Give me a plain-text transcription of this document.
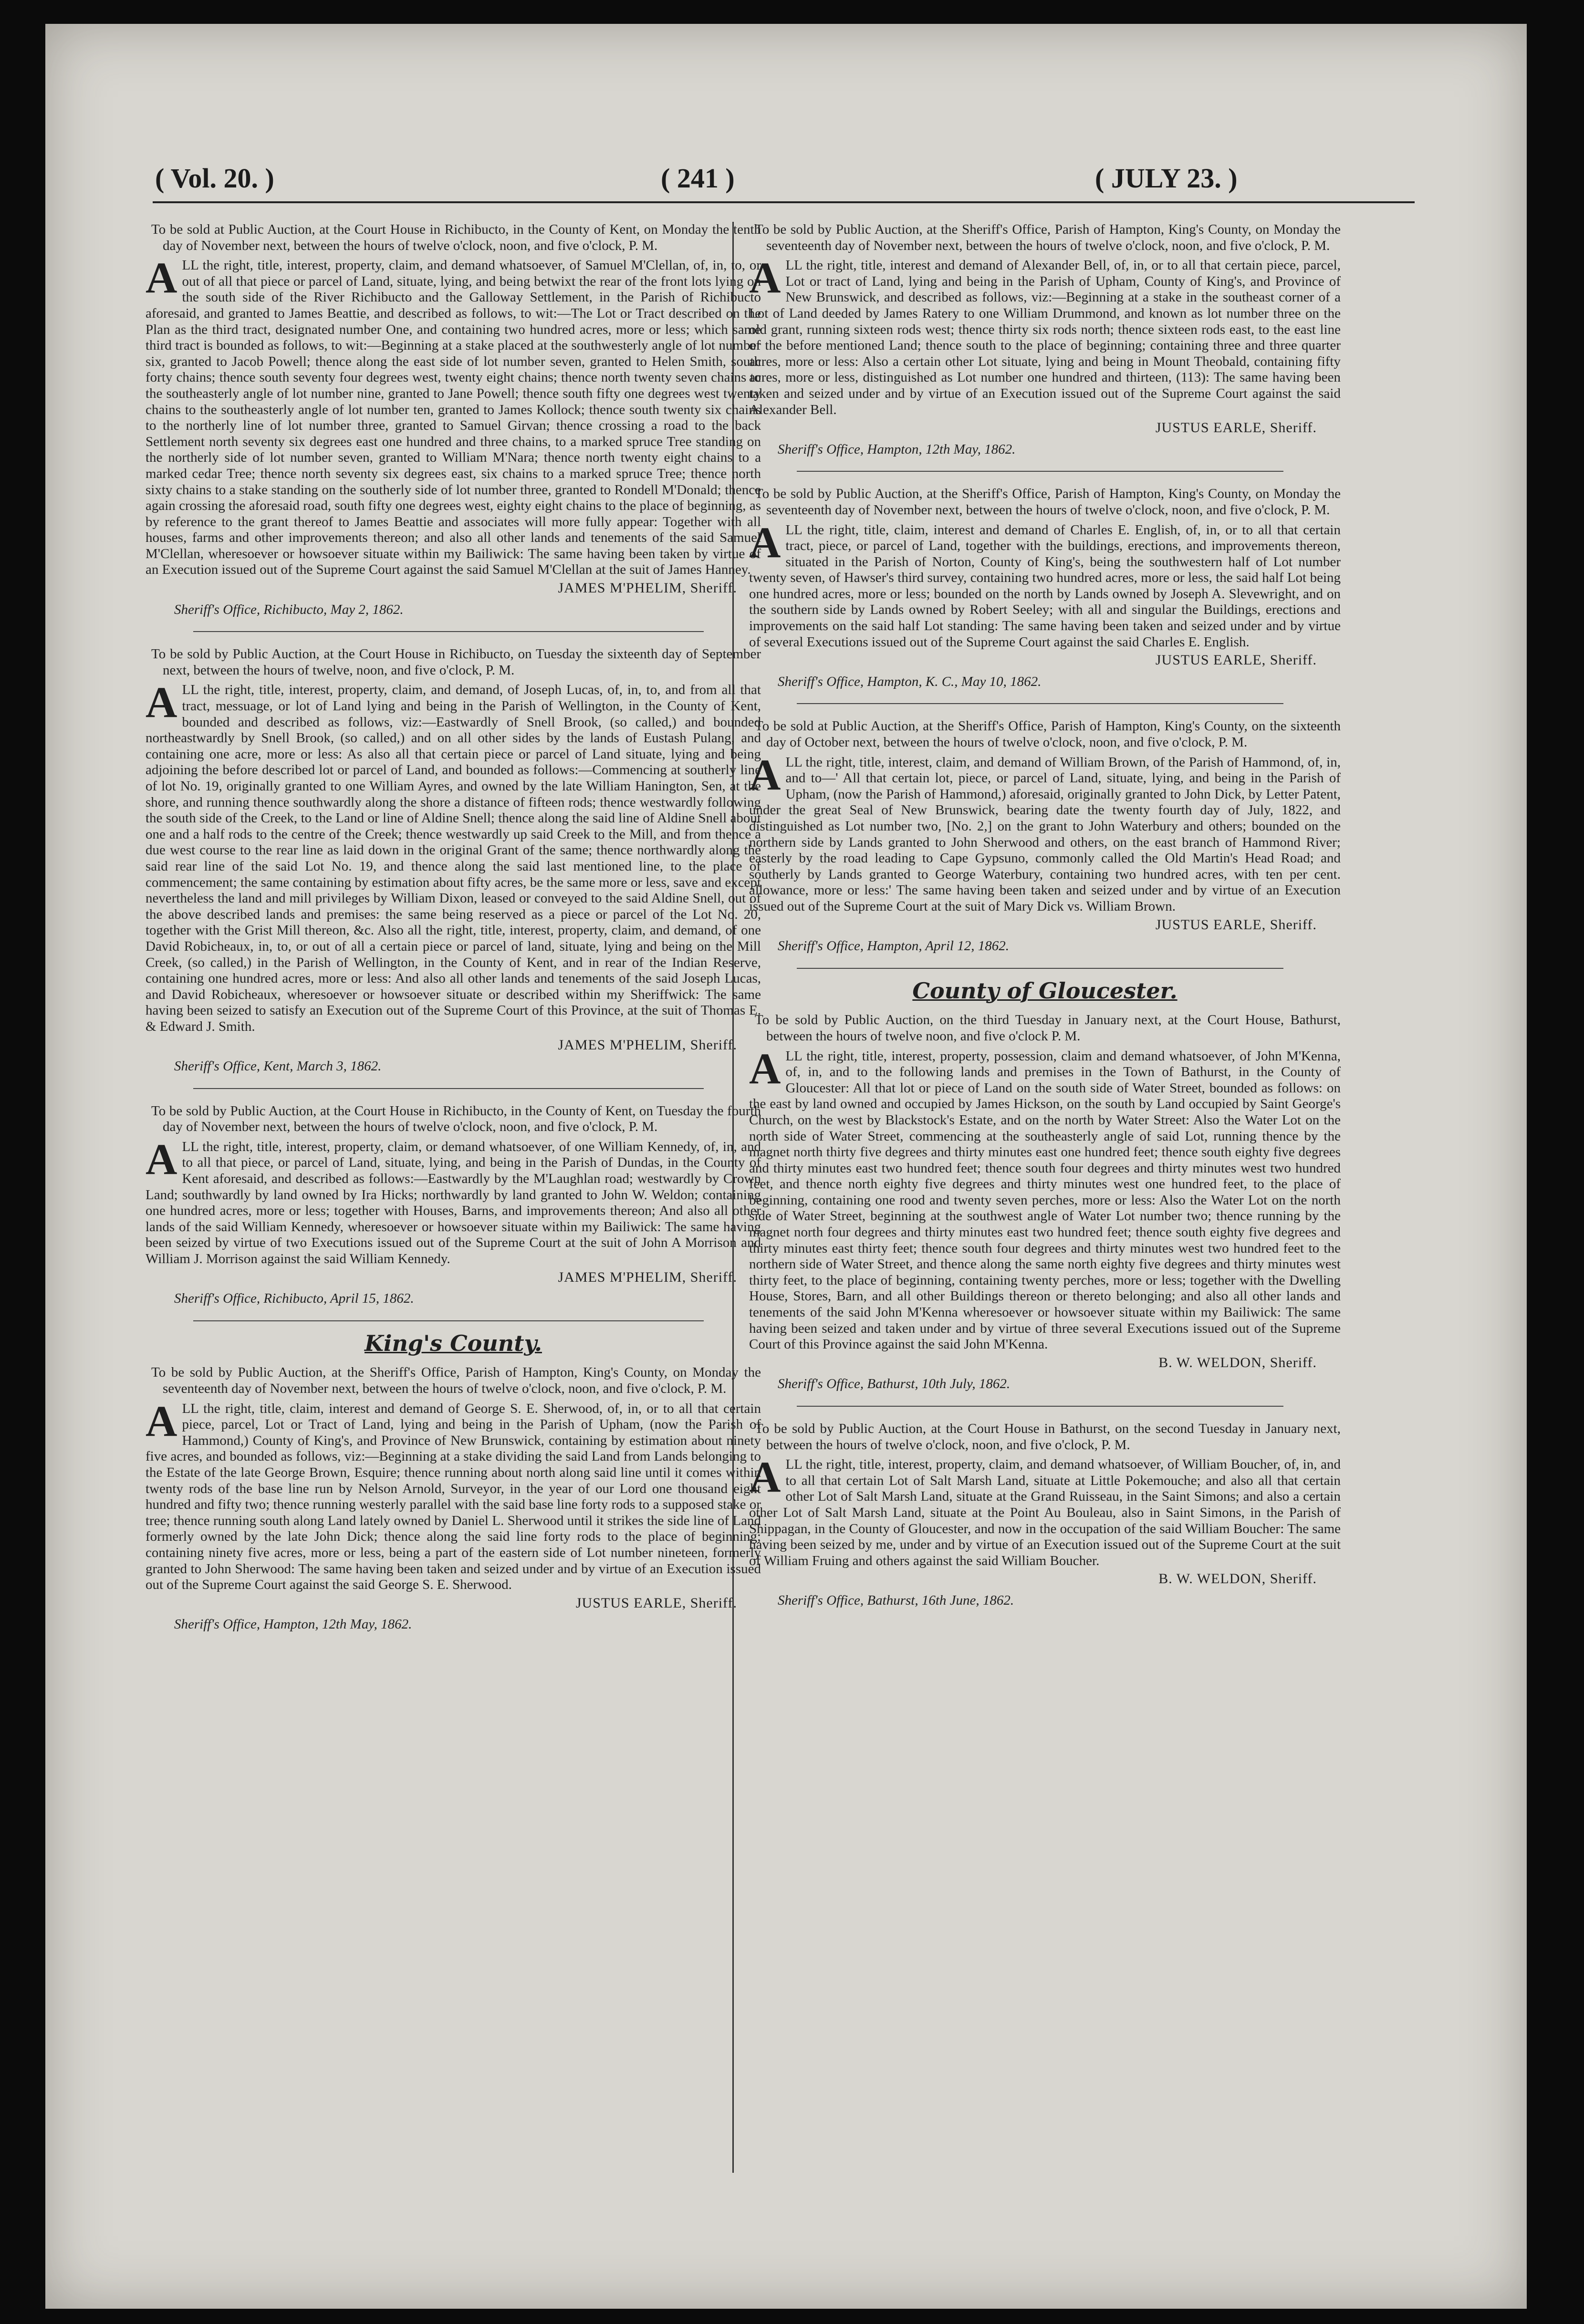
( Vol. 20. )	( 241 )	( JULY 23. )

To be sold at Public Auction, at the Court House in Richibucto, in the County of Kent, on Monday the tenth day of November next, between the hours of twelve o'clock, noon, and five o'clock, P. M.

ALL the right, title, interest, property, claim, and demand whatsoever, of Samuel M'Clellan, of, in, to, or out of all that piece or parcel of Land, situate, lying, and being betwixt the rear of the front lots lying on the south side of the River Richibucto and the Galloway Settlement, in the Parish of Richibucto aforesaid, and granted to James Beattie, and described as follows, to wit:—The Lot or Tract described on the Plan as the third tract, designated number One, and containing two hundred acres, more or less; which same third tract is bounded as follows, to wit:—Beginning at a stake placed at the southwesterly angle of lot number six, granted to Jacob Powell; thence along the east side of lot number seven, granted to Helen Smith, south forty chains; thence south seventy four degrees west, twenty eight chains; thence north twenty seven chains to the southeasterly angle of lot number nine, granted to Jane Powell; thence south fifty one degrees west twenty chains to the southeasterly angle of lot number ten, granted to James Kollock; thence south twenty six chains to the northerly line of lot number three, granted to Samuel Girvan; thence crossing a road to the back Settlement north seventy six degrees east one hundred and three chains, to a marked spruce Tree standing on the northerly side of lot number seven, granted to William M'Nara; thence north twenty eight chains to a marked cedar Tree; thence north seventy six degrees east, six chains to a marked spruce Tree; thence north sixty chains to a stake standing on the southerly side of lot number three, granted to Rondell M'Donald; thence again crossing the aforesaid road, south fifty one degrees west, eighty eight chains to the place of beginning, as by reference to the grant thereof to James Beattie and associates will more fully appear: Together with all houses, farms and other improvements thereon; and also all other lands and tenements of the said Samuel M'Clellan, wheresoever or howsoever situate within my Bailiwick: The same having been taken by virtue of an Execution issued out of the Supreme Court against the said Samuel M'Clellan at the suit of James Hanney.

JAMES M'PHELIM, Sheriff.
Sheriff's Office, Richibucto, May 2, 1862.

To be sold by Public Auction, at the Court House in Richibucto, on Tuesday the sixteenth day of September next, between the hours of twelve, noon, and five o'clock, P. M.

ALL the right, title, interest, property, claim, and demand, of Joseph Lucas, of, in, to, and from all that tract, messuage, or lot of Land lying and being in the Parish of Wellington, in the County of Kent, bounded and described as follows, viz:—Eastwardly of Snell Brook, (so called,) and bounded northeastwardly by Snell Brook, (so called,) and on all other sides by the lands of Eustash Pulang, and containing one acre, more or less: As also all that certain piece or parcel of Land situate, lying and being adjoining the before described lot or parcel of Land, and bounded as follows:—Commencing at southerly line of lot No. 19, originally granted to one William Ayres, and owned by the late William Hanington, Sen, at the shore, and running thence southwardly along the shore a distance of fifteen rods; thence westwardly following the south side of the Creek, to the Land or line of Aldine Snell; thence along the said line of Aldine Snell about one and a half rods to the centre of the Creek; thence westwardly up said Creek to the Mill, and from thence a due west course to the rear line as laid down in the original Grant of the same; thence northwardly along the said rear line of the said Lot No. 19, and thence along the said last mentioned line, to the place of commencement; the same containing by estimation about fifty acres, be the same more or less, save and except nevertheless the land and mill privileges by William Dixon, leased or conveyed to the said Aldine Snell, out of the above described lands and premises: the same being reserved as a piece or parcel of the Lot No. 20, together with the Grist Mill thereon, &c. Also all the right, title, interest, property, claim, and demand, of one David Robicheaux, in, to, or out of all a certain piece or parcel of land, situate, lying and being on the Mill Creek, (so called,) in the Parish of Wellington, in the County of Kent, and in rear of the Indian Reserve, containing one hundred acres, more or less: And also all other lands and tenements of the said Joseph Lucas, and David Robicheaux, wheresoever or howsoever situate or described within my Sheriffwick: The same having been seized to satisfy an Execution out of the Supreme Court of this Province, at the suit of Thomas E. & Edward J. Smith.

JAMES M'PHELIM, Sheriff.
Sheriff's Office, Kent, March 3, 1862.

To be sold by Public Auction, at the Court House in Richibucto, in the County of Kent, on Tuesday the fourth day of November next, between the hours of twelve o'clock, noon, and five o'clock, P. M.

ALL the right, title, interest, property, claim, or demand whatsoever, of one William Kennedy, of, in, and to all that piece, or parcel of Land, situate, lying, and being in the Parish of Dundas, in the County of Kent aforesaid, and described as follows:—Eastwardly by the M'Laughlan road; westwardly by Crown Land; southwardly by land owned by Ira Hicks; northwardly by land granted to John W. Weldon; containing one hundred acres, more or less; together with Houses, Barns, and improvements thereon; And also all other lands of the said William Kennedy, wheresoever or howsoever situate within my Bailiwick: The same having been seized by virtue of two Executions issued out of the Supreme Court at the suit of John A Morrison and William J. Morrison against the said William Kennedy.

JAMES M'PHELIM, Sheriff.
Sheriff's Office, Richibucto, April 15, 1862.
King's County.

To be sold by Public Auction, at the Sheriff's Office, Parish of Hampton, King's County, on Monday the seventeenth day of November next, between the hours of twelve o'clock, noon, and five o'clock, P. M.

ALL the right, title, claim, interest and demand of George S. E. Sherwood, of, in, or to all that certain piece, parcel, Lot or Tract of Land, lying and being in the Parish of Upham, (now the Parish of Hammond,) County of King's, and Province of New Brunswick, containing by estimation about ninety five acres, and bounded as follows, viz:—Beginning at a stake dividing the said Land from Lands belonging to the Estate of the late George Brown, Esquire; thence running about north along said line until it comes within twenty rods of the base line run by Nelson Arnold, Surveyor, in the year of our Lord one thousand eight hundred and fifty two; thence running westerly parallel with the said base line forty rods to a supposed stake or tree; thence running south along Land lately owned by Daniel L. Sherwood until it strikes the side line of Land formerly owned by the late John Dick; thence along the said line forty rods to the place of beginning; containing ninety five acres, more or less, being a part of the eastern side of Lot number nineteen, formerly granted to John Sherwood: The same having been taken and seized under and by virtue of an Execution issued out of the Supreme Court against the said George S. E. Sherwood.

JUSTUS EARLE, Sheriff.
Sheriff's Office, Hampton, 12th May, 1862.

To be sold by Public Auction, at the Sheriff's Office, Parish of Hampton, King's County, on Monday the seventeenth day of November next, between the hours of twelve o'clock, noon, and five o'clock, P. M.

ALL the right, title, interest and demand of Alexander Bell, of, in, or to all that certain piece, parcel, Lot or tract of Land, lying and being in the Parish of Upham, County of King's, and Province of New Brunswick, and described as follows, viz:—Beginning at a stake in the southeast corner of a Lot of Land deeded by James Ratery to one William Drummond, and known as lot number three on the old grant, running sixteen rods west; thence thirty six rods north; thence sixteen rods east, to the east line of the before mentioned Land; thence south to the place of beginning; containing three and three quarter acres, more or less: Also a certain other Lot situate, lying and being in Mount Theobald, containing fifty acres, more or less, distinguished as Lot number one hundred and thirteen, (113): The same having been taken and seized under and by virtue of an Execution issued out of the Supreme Court against the said Alexander Bell.

JUSTUS EARLE, Sheriff.
Sheriff's Office, Hampton, 12th May, 1862.

To be sold by Public Auction, at the Sheriff's Office, Parish of Hampton, King's County, on Monday the seventeenth day of November next, between the hours of twelve o'clock, noon, and five o'clock, P. M.

ALL the right, title, claim, interest and demand of Charles E. English, of, in, or to all that certain tract, piece, or parcel of Land, together with the buildings, erections, and improvements thereon, situated in the Parish of Norton, County of King's, being the southwestern half of Lot number twenty seven, of Hawser's third survey, containing two hundred acres, more or less, the said half Lot being one hundred acres, more or less; bounded on the north by Lands owned by Joseph A. Slevewright, and on the southern side by Lands owned by Robert Seeley; with all and singular the Buildings, erections and improvements on the said half Lot standing: The same having been taken and seized under and by virtue of several Executions issued out of the Supreme Court against the said Charles E. English.

JUSTUS EARLE, Sheriff.
Sheriff's Office, Hampton, K. C., May 10, 1862.

To be sold at Public Auction, at the Sheriff's Office, Parish of Hampton, King's County, on the sixteenth day of October next, between the hours of twelve o'clock, noon, and five o'clock, P. M.

ALL the right, title, interest, claim, and demand of William Brown, of the Parish of Hammond, of, in, and to—' All that certain lot, piece, or parcel of Land, situate, lying, and being in the Parish of Upham, (now the Parish of Hammond,) aforesaid, originally granted to John Dick, by Letter Patent, under the great Seal of New Brunswick, bearing date the twenty fourth day of July, 1822, and distinguished as Lot number two, [No. 2,] on the grant to John Waterbury and others; bounded on the northern side by Lands granted to John Sherwood and others, on the east branch of Hammond River; easterly by the road leading to Cape Gypsuno, commonly called the Old Martin's Head Road; and southerly by Lands granted to George Waterbury, containing two hundred acres, with ten per cent. allowance, more or less:' The same having been taken and seized under and by virtue of an Execution issued out of the Supreme Court at the suit of Mary Dick vs. William Brown.

JUSTUS EARLE, Sheriff.
Sheriff's Office, Hampton, April 12, 1862.
County of Gloucester.

To be sold by Public Auction, on the third Tuesday in January next, at the Court House, Bathurst, between the hours of twelve noon, and five o'clock P. M.

ALL the right, title, interest, property, possession, claim and demand whatsoever, of John M'Kenna, of, in, and to the following lands and premises in the Town of Bathurst, in the County of Gloucester: All that lot or piece of Land on the south side of Water Street, bounded as follows: on the east by land owned and occupied by James Hickson, on the south by Land occupied by Saint George's Church, on the west by Blackstock's Estate, and on the north by Water Street: Also the Water Lot on the north side of Water Street, commencing at the southeasterly angle of said Lot, running thence by the magnet north thirty five degrees and thirty minutes east one hundred feet; thence south eighty five degrees and thirty minutes east two hundred feet; thence south four degrees and thirty minutes west two hundred feet, and thence north eighty five degrees and thirty minutes west one hundred feet, to the place of beginning, containing one rood and twenty seven perches, more or less: Also the Water Lot on the north side of Water Street, beginning at the southwest angle of Water Lot number two; thence running by the magnet north four degrees and thirty minutes east two hundred feet; thence south eighty five degrees and thirty minutes east thirty feet; thence south four degrees and thirty minutes west two hundred feet to the northern side of Water Street, and thence along the same north eighty five degrees and thirty minutes west thirty feet, to the place of beginning, containing twenty perches, more or less; together with the Dwelling House, Stores, Barn, and all other Buildings thereon or thereto belonging; and also all other lands and tenements of the said John M'Kenna wheresoever or howsoever situate within my Bailiwick: The same having been seized and taken under and by virtue of three several Executions issued out of the Supreme Court of this Province against the said John M'Kenna.

B. W. WELDON, Sheriff.
Sheriff's Office, Bathurst, 10th July, 1862.

To be sold by Public Auction, at the Court House in Bathurst, on the second Tuesday in January next, between the hours of twelve o'clock, noon, and five o'clock, P. M.

ALL the right, title, interest, property, claim, and demand whatsoever, of William Boucher, of, in, and to all that certain Lot of Salt Marsh Land, situate at Little Pokemouche; and also all that certain other Lot of Salt Marsh Land, situate at the Grand Ruisseau, in the Saint Simons; and also a certain other Lot of Salt Marsh Land, situate at the Point Au Bouleau, also in Saint Simons, in the Parish of Shippagan, in the County of Gloucester, and now in the occupation of the said William Boucher: The same having been seized by me, under and by virtue of an Execution issued out of the Supreme Court at the suit of William Fruing and others against the said William Boucher.

B. W. WELDON, Sheriff.
Sheriff's Office, Bathurst, 16th June, 1862.
